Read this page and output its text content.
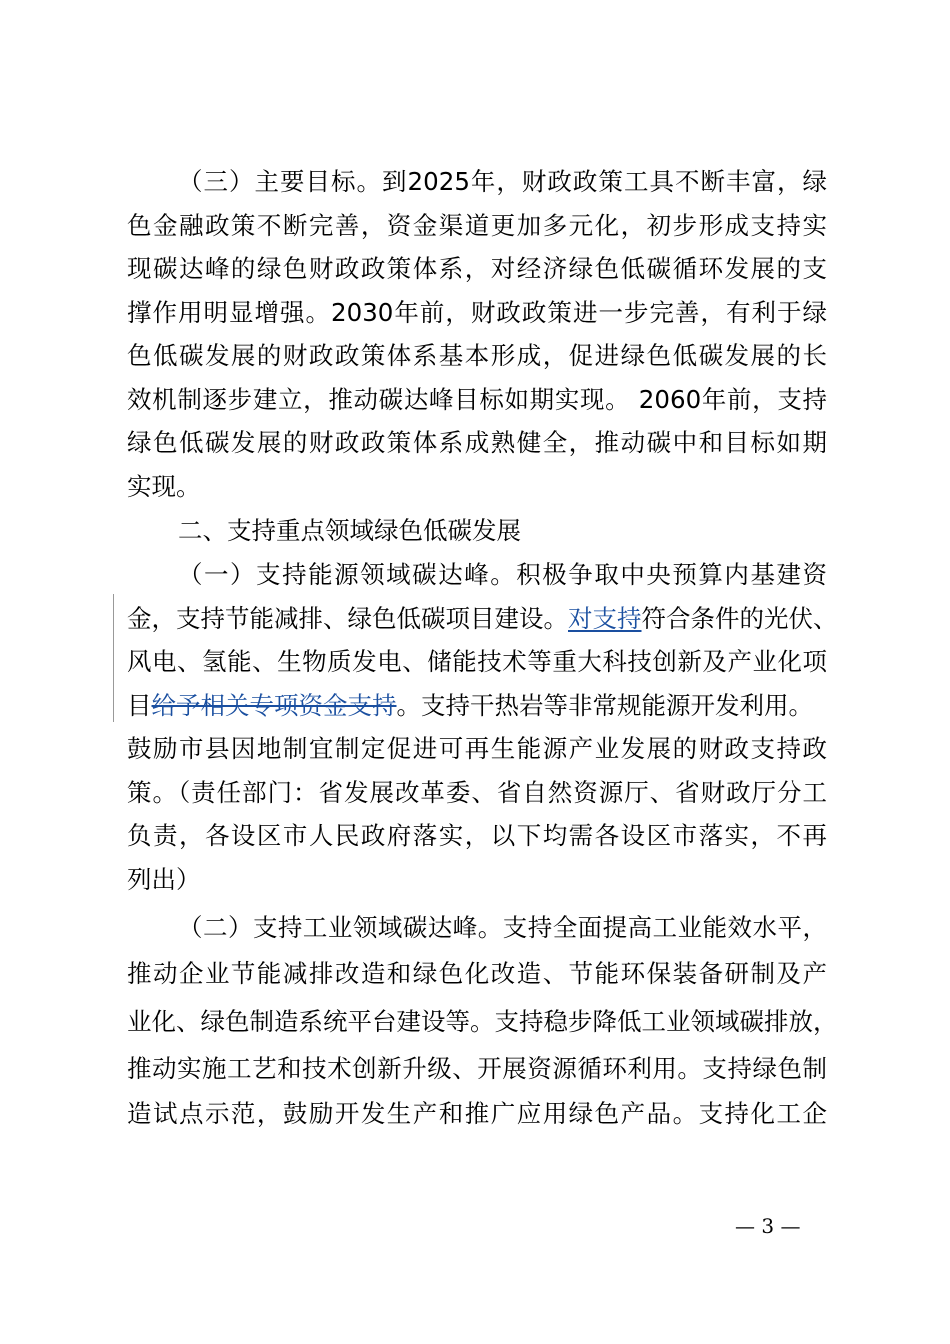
（三）主要目标。到2025年，财政政策工具不断丰富，绿
色金融政策不断完善，资金渠道更加多元化，初步形成支持实
现碳达峰的绿色财政政策体系，对经济绿色低碳循环发展的支
撑作用明显增强。2030年前，财政政策进一步完善，有利于绿
色低碳发展的财政政策体系基本形成，促进绿色低碳发展的长
效机制逐步建立，推动碳达峰目标如期实现。 2060年前，支持
绿色低碳发展的财政政策体系成熟健全，推动碳中和目标如期
实现。
二、支持重点领域绿色低碳发展
（一）支持能源领域碳达峰。积极争取中央预算内基建资
金，支持节能减排、绿色低碳项目建设。对支持符合条件的光伏、
风电、氢能、生物质发电、储能技术等重大科技创新及产业化项
目给予相关专项资金支持。支持干热岩等非常规能源开发利用。
鼓励市县因地制宜制定促进可再生能源产业发展的财政支持政
策。（责任部门：省发展改革委、省自然资源厅、省财政厅分工
负责，各设区市人民政府落实，以下均需各设区市落实，不再
列出）
（二）支持工业领域碳达峰。支持全面提高工业能效水平，
推动企业节能减排改造和绿色化改造、节能环保装备研制及产
业化、绿色制造系统平台建设等。支持稳步降低工业领域碳排放，
推动实施工艺和技术创新升级、开展资源循环利用。支持绿色制
造试点示范，鼓励开发生产和推广应用绿色产品。支持化工企
— 3 —
